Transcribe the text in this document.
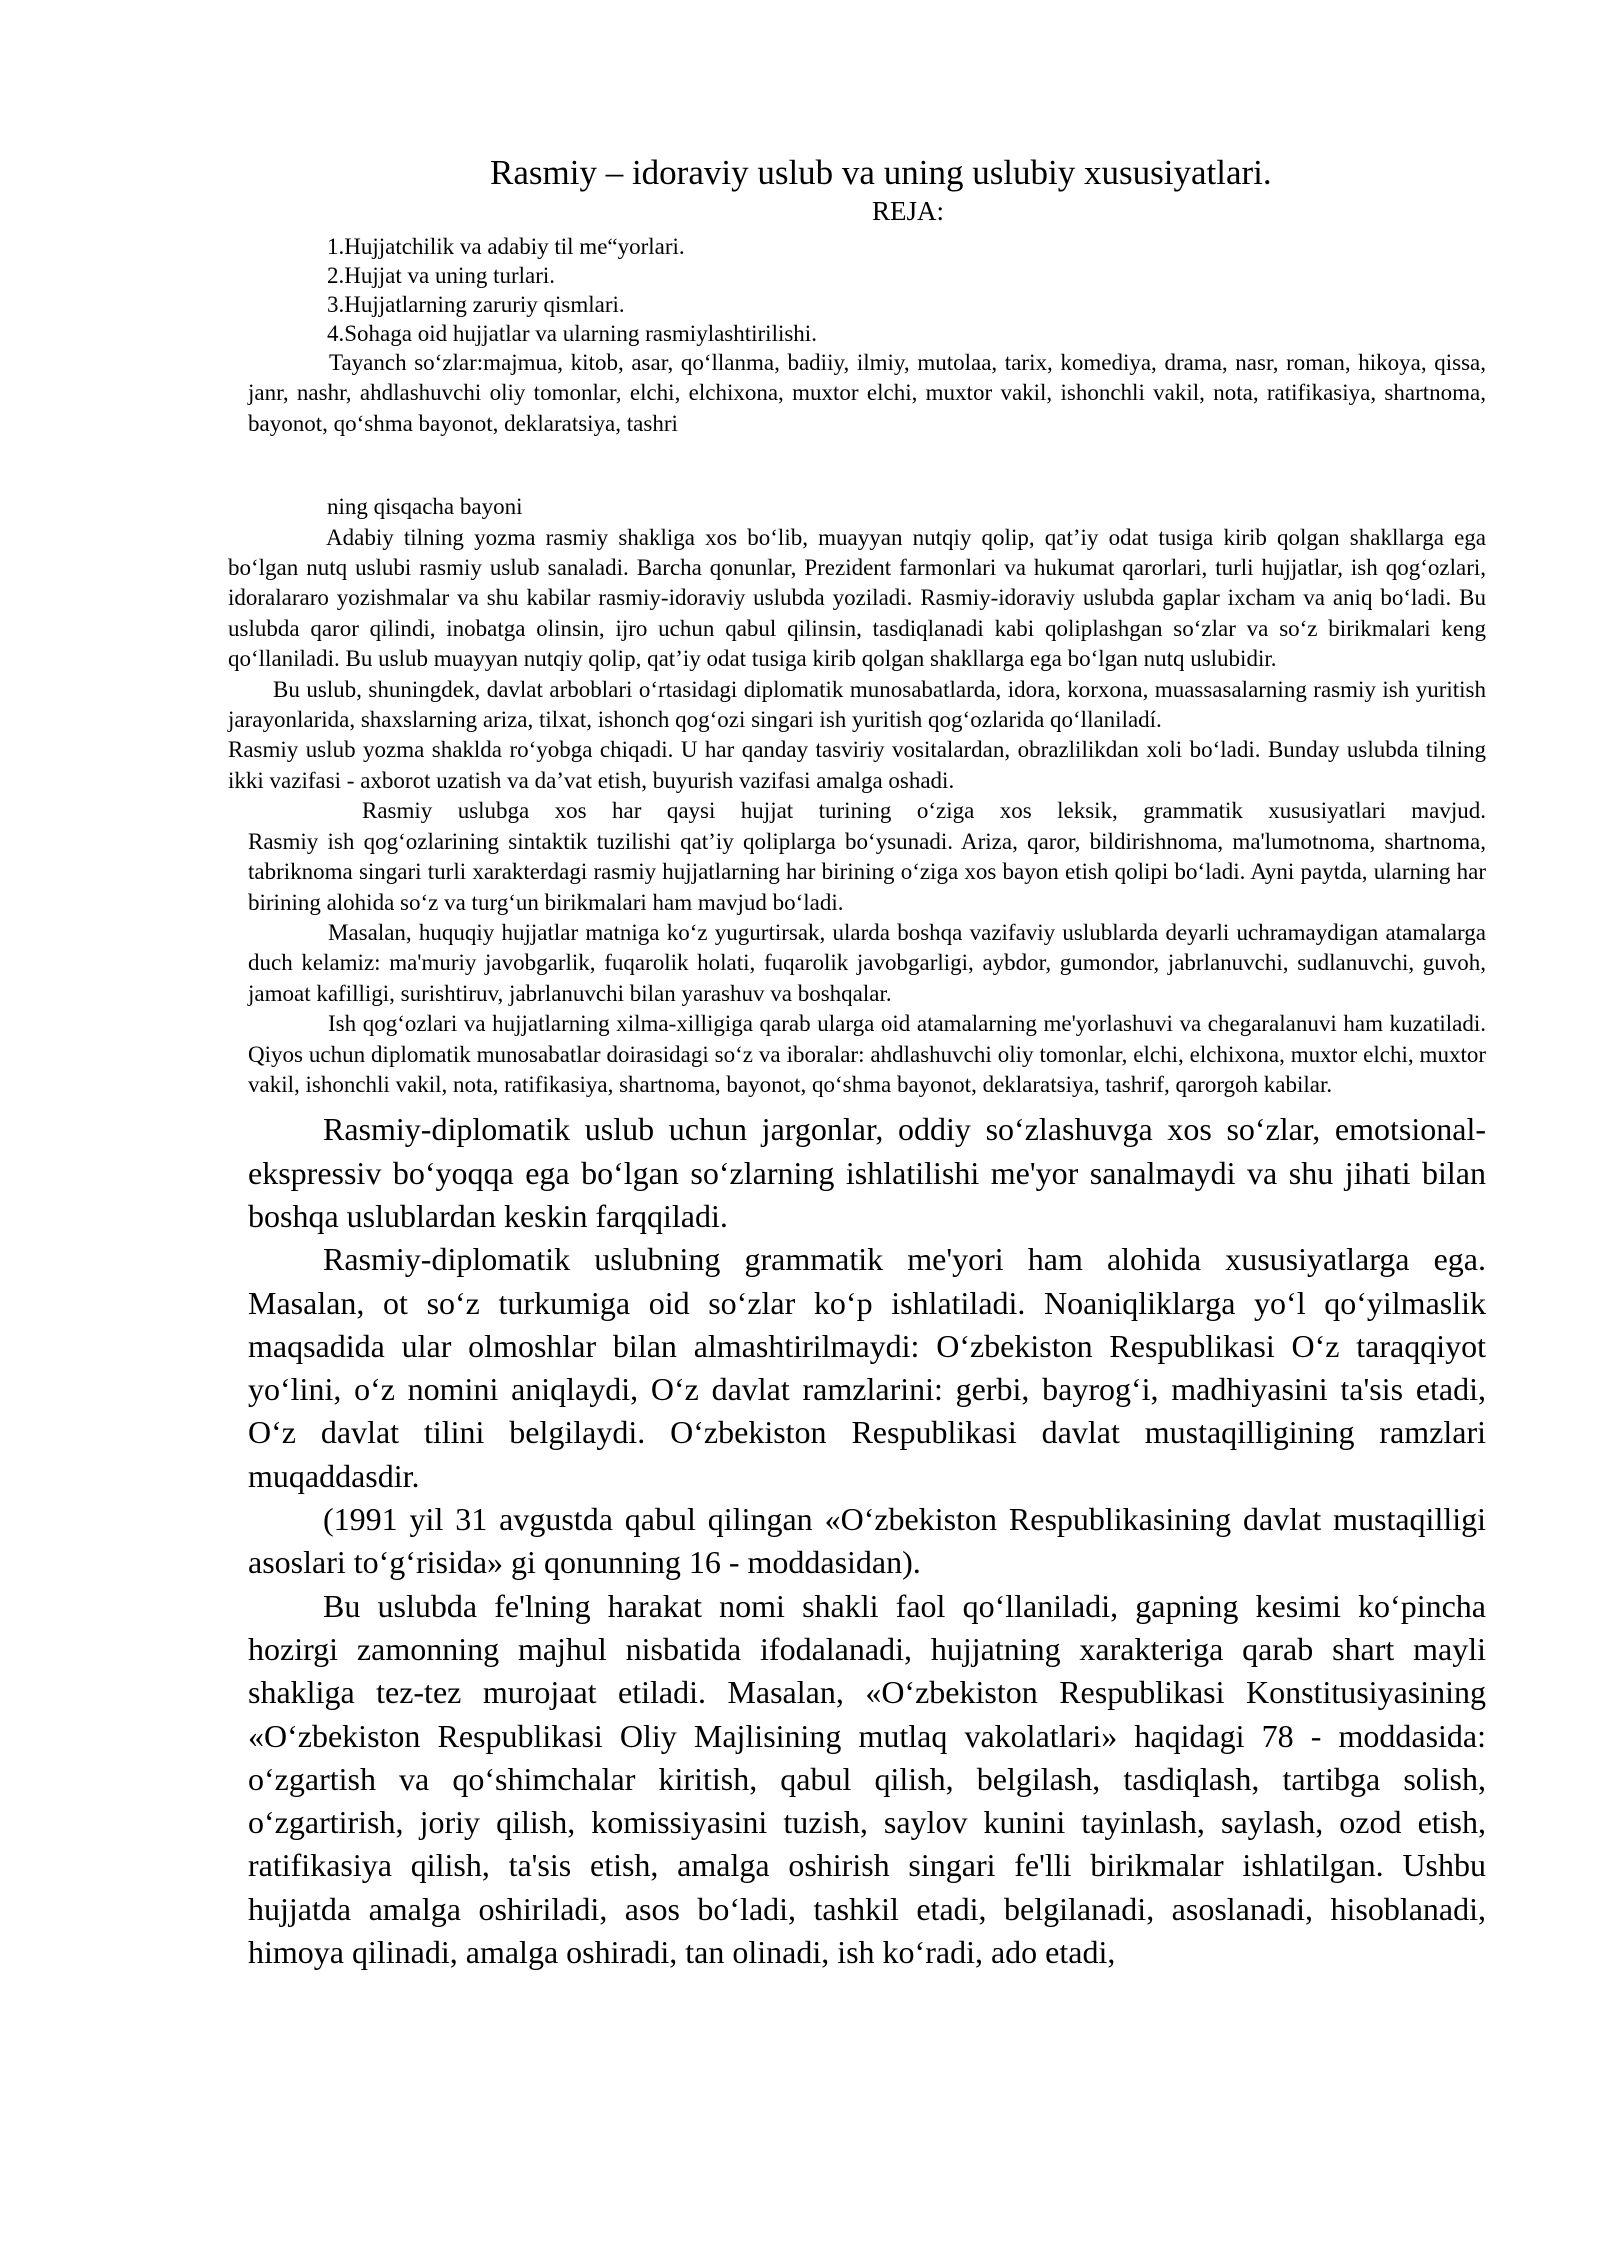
Rasmiy – idoraviy uslub va uning uslubiy xususiyatlari.
REJA:
1.Hujjatchilik va adabiy til me“yorlari.
2.Hujjat va uning turlari.
3.Hujjatlarning zaruriy qismlari.
4.Sohaga oid hujjatlar va ularning rasmiylashtirilishi.

Tayanch so‘zlar:majmua, kitob, asar, qo‘llanma, badiiy, ilmiy, mutolaa, tarix, komediya, drama, nasr, roman, hikoya, qissa, janr, nashr, ahdlashuvchi oliy tomonlar, elchi, elchixona, muxtor elchi, muxtor vakil, ishonchli vakil, nota, ratifikasiya, shartnoma, bayonot, qo‘shma bayonot, deklaratsiya, tashri

ning qisqacha bayoni

Adabiy tilning yozma rasmiy shakliga xos bo‘lib, muayyan nutqiy qolip, qat’iy odat tusiga kirib qolgan shakllarga ega bo‘lgan nutq uslubi rasmiy uslub sanaladi. Barcha qonunlar, Prezident farmonlari va hukumat qarorlari, turli hujjatlar, ish qog‘ozlari, idoralararo yozishmalar va shu kabilar rasmiy-idoraviy uslubda yoziladi. Rasmiy-idoraviy uslubda gaplar ixcham va aniq bo‘ladi. Bu uslubda qaror qilindi, inobatga olinsin, ijro uchun qabul qilinsin, tasdiqlanadi kabi qoliplashgan so‘zlar va so‘z birikmalari keng qo‘llaniladi. Bu uslub muayyan nutqiy qolip, qat’iy odat tusiga kirib qolgan shakllarga ega bo‘lgan nutq uslubidir.

Bu uslub, shuningdek, davlat arboblari o‘rtasidagi diplomatik munosabatlarda, idora, korxona, muassasalarning rasmiy ish yuritish jarayonlarida, shaxslarning ariza, tilxat, ishonch qog‘ozi singari ish yuritish qog‘ozlarida qo‘llaniladí.

Rasmiy uslub yozma shaklda ro‘yobga chiqadi. U har qanday tasviriy vositalardan, obrazlilikdan xoli bo‘ladi. Bunday uslubda tilning ikki vazifasi - axborot uzatish va da’vat etish, buyurish vazifasi amalga oshadi.

Rasmiy uslubga xos har qaysi hujjat turining o‘ziga xos leksik, grammatik xususiyatlari mavjud.

Rasmiy ish qog‘ozlarining sintaktik tuzilishi qat’iy qoliplarga bo‘ysunadi. Ariza, qaror, bildirishnoma, ma'lumotnoma, shartnoma, tabriknoma singari turli xarakterdagi rasmiy hujjatlarning har birining o‘ziga xos bayon etish qolipi bo‘ladi. Ayni paytda, ularning har birining alohida so‘z va turg‘un birikmalari ham mavjud bo‘ladi.

Masalan, huquqiy hujjatlar matniga ko‘z yugurtirsak, ularda boshqa vazifaviy uslublarda deyarli uchramaydigan atamalarga duch kelamiz: ma'muriy javobgarlik, fuqarolik holati, fuqarolik javobgarligi, aybdor, gumondor, jabrlanuvchi, sudlanuvchi, guvoh, jamoat kafilligi, surishtiruv, jabrlanuvchi bilan yarashuv va boshqalar.

Ish qog‘ozlari va hujjatlarning xilma-xilligiga qarab ularga oid atamalarning me'yorlashuvi va chegaralanuvi ham kuzatiladi. Qiyos uchun diplomatik munosabatlar doirasidagi so‘z va iboralar: ahdlashuvchi oliy tomonlar, elchi, elchixona, muxtor elchi, muxtor vakil, ishonchli vakil, nota, ratifikasiya, shartnoma, bayonot, qo‘shma bayonot, deklaratsiya, tashrif, qarorgoh kabilar.

Rasmiy-diplomatik uslub uchun jargonlar, oddiy so‘zlashuvga xos so‘zlar, emotsional-ekspressiv bo‘yoqqa ega bo‘lgan so‘zlarning ishlatilishi me'yor sanalmaydi va shu jihati bilan boshqa uslublardan keskin farqqiladi.

Rasmiy-diplomatik uslubning grammatik me'yori ham alohida xususiyatlarga ega. Masalan, ot so‘z turkumiga oid so‘zlar ko‘p ishlatiladi. Noaniqliklarga yo‘l qo‘yilmaslik maqsadida ular olmoshlar bilan almashtirilmaydi: O‘zbekiston Respublikasi O‘z taraqqiyot yo‘lini, o‘z nomini aniqlaydi, O‘z davlat ramzlarini: gerbi, bayrog‘i, madhiyasini ta'sis etadi, O‘z davlat tilini belgilaydi. O‘zbekiston Respublikasi davlat mustaqilligining ramzlari muqaddasdir.

(1991 yil 31 avgustda qabul qilingan «O‘zbekiston Respublikasining davlat mustaqilligi asoslari to‘g‘risida» gi qonunning 16 - moddasidan).

Bu uslubda fe'lning harakat nomi shakli faol qo‘llaniladi, gapning kesimi ko‘pincha hozirgi zamonning majhul nisbatida ifodalanadi, hujjatning xarakteriga qarab shart mayli shakliga tez-tez murojaat etiladi. Masalan, «O‘zbekiston Respublikasi Konstitusiyasining «O‘zbekiston Respublikasi Oliy Majlisining mutlaq vakolatlari» haqidagi 78 - moddasida: o‘zgartish va qo‘shimchalar kiritish, qabul qilish, belgilash, tasdiqlash, tartibga solish, o‘zgartirish, joriy qilish, komissiyasini tuzish, saylov kunini tayinlash, saylash, ozod etish, ratifikasiya qilish, ta'sis etish, amalga oshirish singari fe'lli birikmalar ishlatilgan. Ushbu hujjatda amalga oshiriladi, asos bo‘ladi, tashkil etadi, belgilanadi, asoslanadi, hisoblanadi, himoya qilinadi, amalga oshiradi, tan olinadi, ish ko‘radi, ado etadi,
